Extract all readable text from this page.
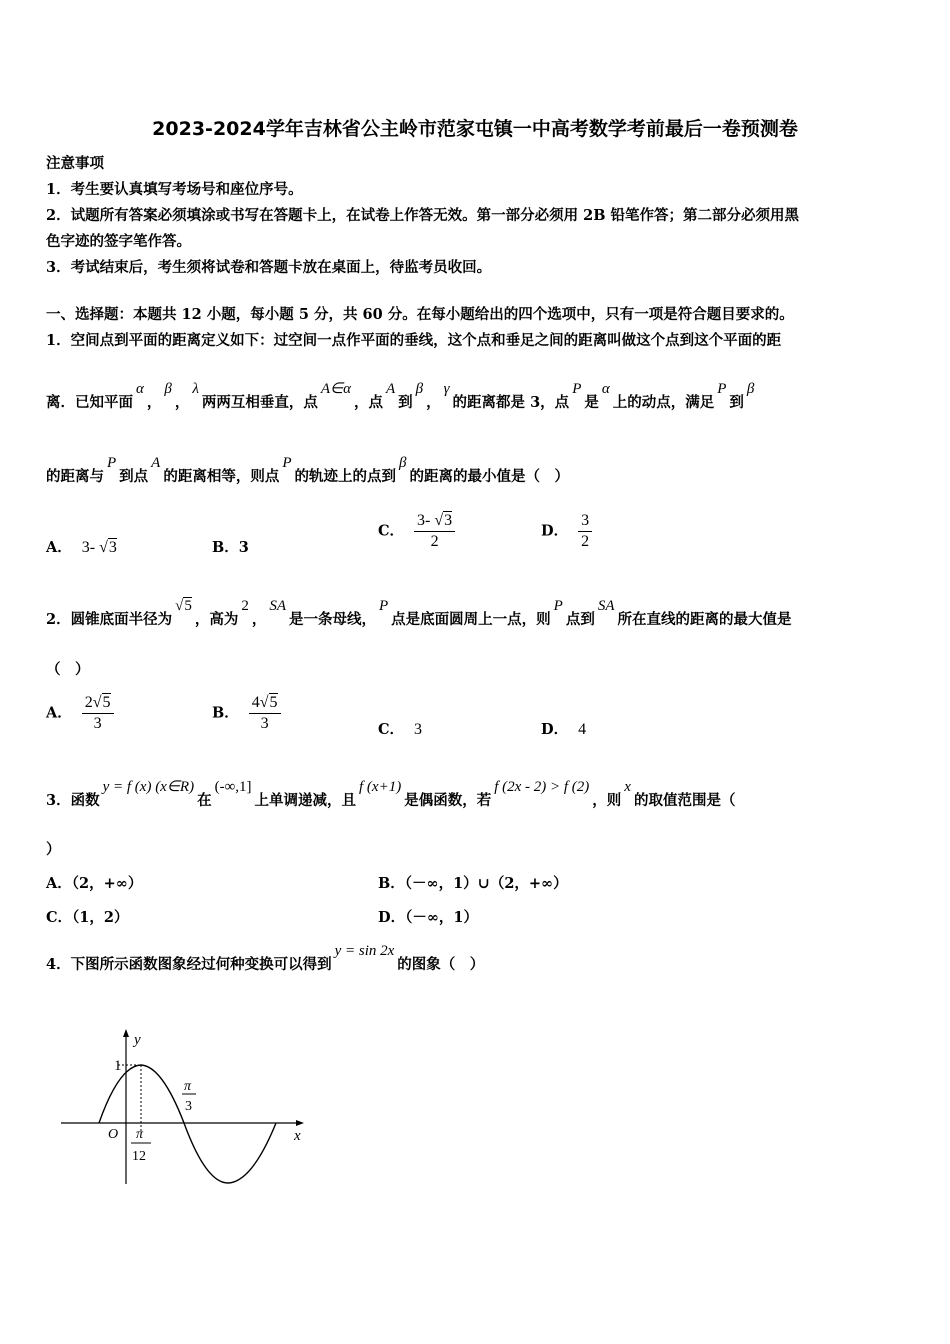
2023-2024学年吉林省公主岭市范家屯镇一中高考数学考前最后一卷预测卷
注意事项
1．考生要认真填写考场号和座位序号。
2．试题所有答案必须填涂或书写在答题卡上，在试卷上作答无效。第一部分必须用 2B 铅笔作答；第二部分必须用黑
色字迹的签字笔作答。
3．考试结束后，考生须将试卷和答题卡放在桌面上，待监考员收回。
一、选择题：本题共 12 小题，每小题 5 分，共 60 分。在每小题给出的四个选项中，只有一项是符合题目要求的。
1．空间点到平面的距离定义如下：过空间一点作平面的垂线，这个点和垂足之间的距离叫做这个点到这个平面的距
离．已知平面α，β，λ两两互相垂直，点A∈α，点A到β，γ的距离都是 3，点P是α上的动点，满足P到β
的距离与P到点A的距离相等，则点P的轨迹上的点到β的距离的最小值是（　）
A． 3- √3	B．3
C． $\frac{3- √3}{2}$	D． $\frac{3}{2}$
2．圆锥底面半径为√5，高为2，SA是一条母线，P点是底面圆周上一点，则P点到SA所在直线的距离的最大值是
（　）
A． $\frac{2√5}{3}$	B． $\frac{4√5}{3}$	C． 3	D． 4
3．函数y = f (x) (x∈R)在(-∞,1]上单调递减，且f (x+1)是偶函数，若f (2x - 2) > f (2)，则x的取值范围是（
）
A．（2，+∞）	B．（－∞，1）∪（2，+∞）
C．（1，2）	D．（－∞，1）
4．下图所示函数图象经过何种变换可以得到y = sin 2x的图象（　）
y
x
O
1
π
3
π
12
